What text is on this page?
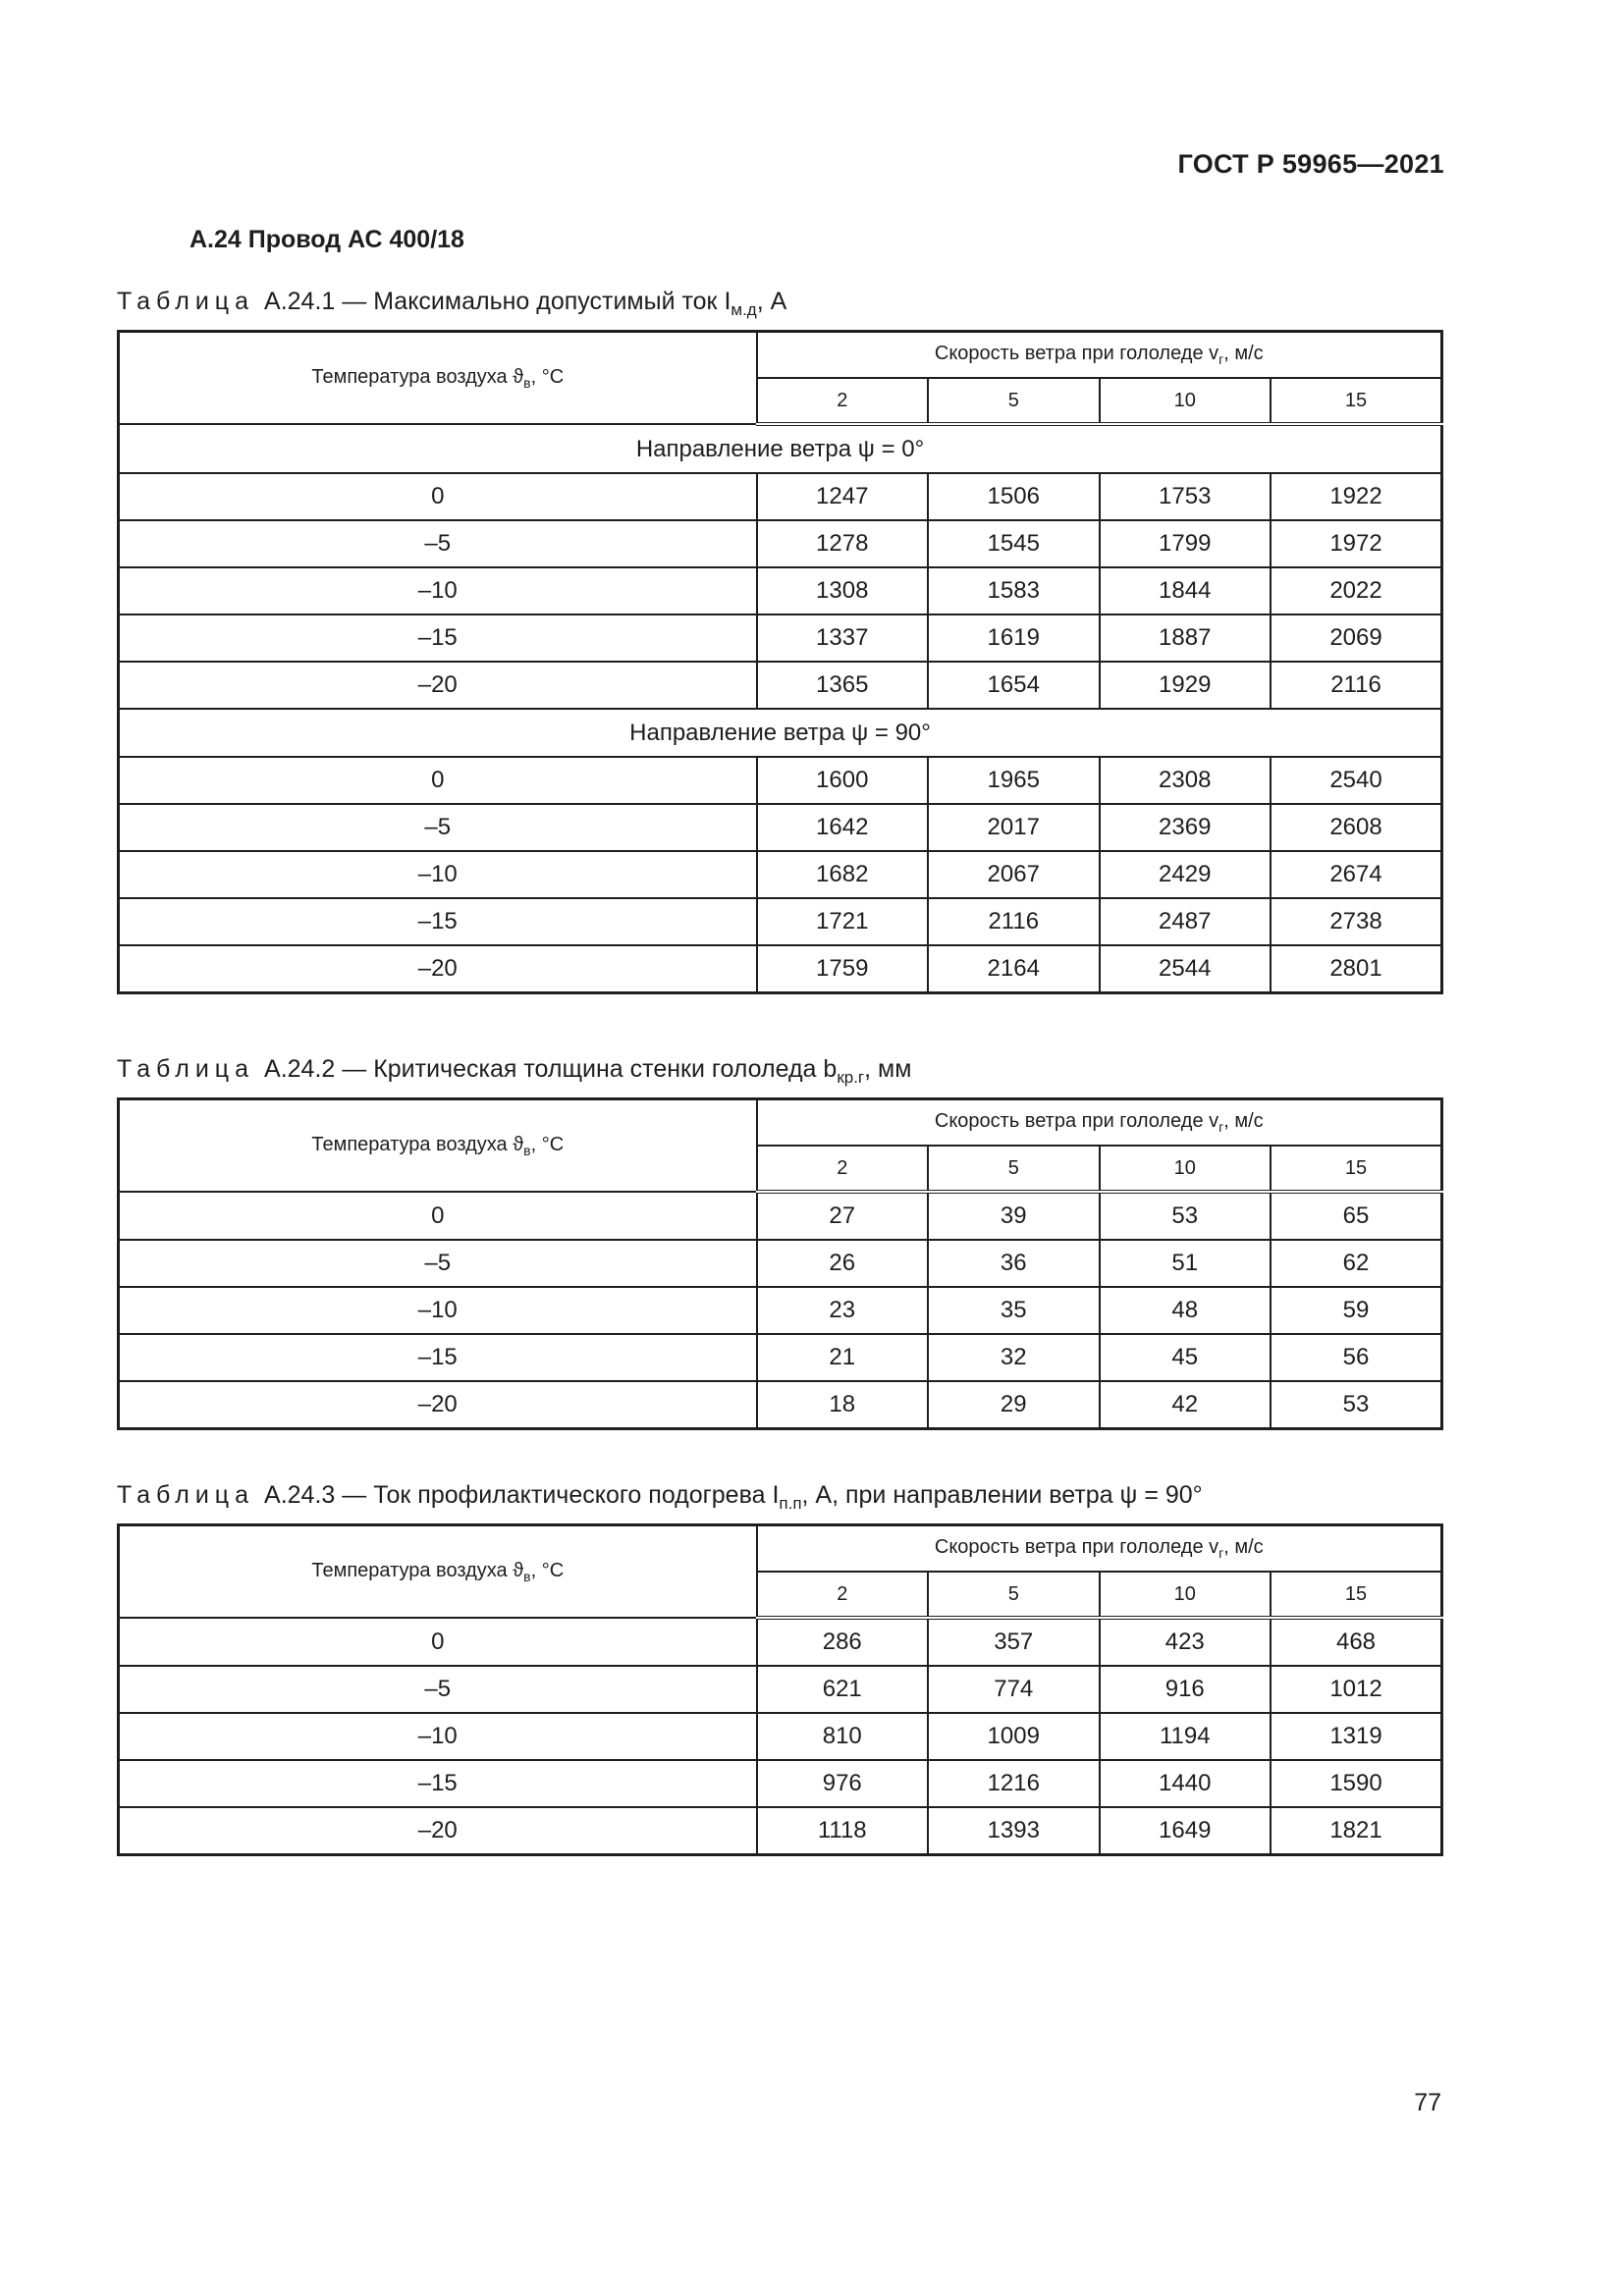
ГОСТ Р 59965—2021
А.24 Провод АС 400/18
Таблица А.24.1 — Максимально допустимый ток $I_{м.д}$, А
Температура воздуха $ϑ_в$, °С	Скорость ветра при гололеде $v_г$, м/с			
	2	5	10	15
Направление ветра ψ = 0°				
0	1247	1506	1753	1922
–5	1278	1545	1799	1972
–10	1308	1583	1844	2022
–15	1337	1619	1887	2069
–20	1365	1654	1929	2116
Направление ветра ψ = 90°				
0	1600	1965	2308	2540
–5	1642	2017	2369	2608
–10	1682	2067	2429	2674
–15	1721	2116	2487	2738
–20	1759	2164	2544	2801
Таблица А.24.2 — Критическая толщина стенки гололеда $b_{кр.г}$, мм
Температура воздуха $ϑ_в$, °С	Скорость ветра при гололеде $v_г$, м/с			
	2	5	10	15
0	27	39	53	65
–5	26	36	51	62
–10	23	35	48	59
–15	21	32	45	56
–20	18	29	42	53
Таблица А.24.3 — Ток профилактического подогрева $I_{п.п}$, А, при направлении ветра ψ = 90°
Температура воздуха $ϑ_в$, °С	Скорость ветра при гололеде $v_г$, м/с			
	2	5	10	15
0	286	357	423	468
–5	621	774	916	1012
–10	810	1009	1194	1319
–15	976	1216	1440	1590
–20	1118	1393	1649	1821
77
